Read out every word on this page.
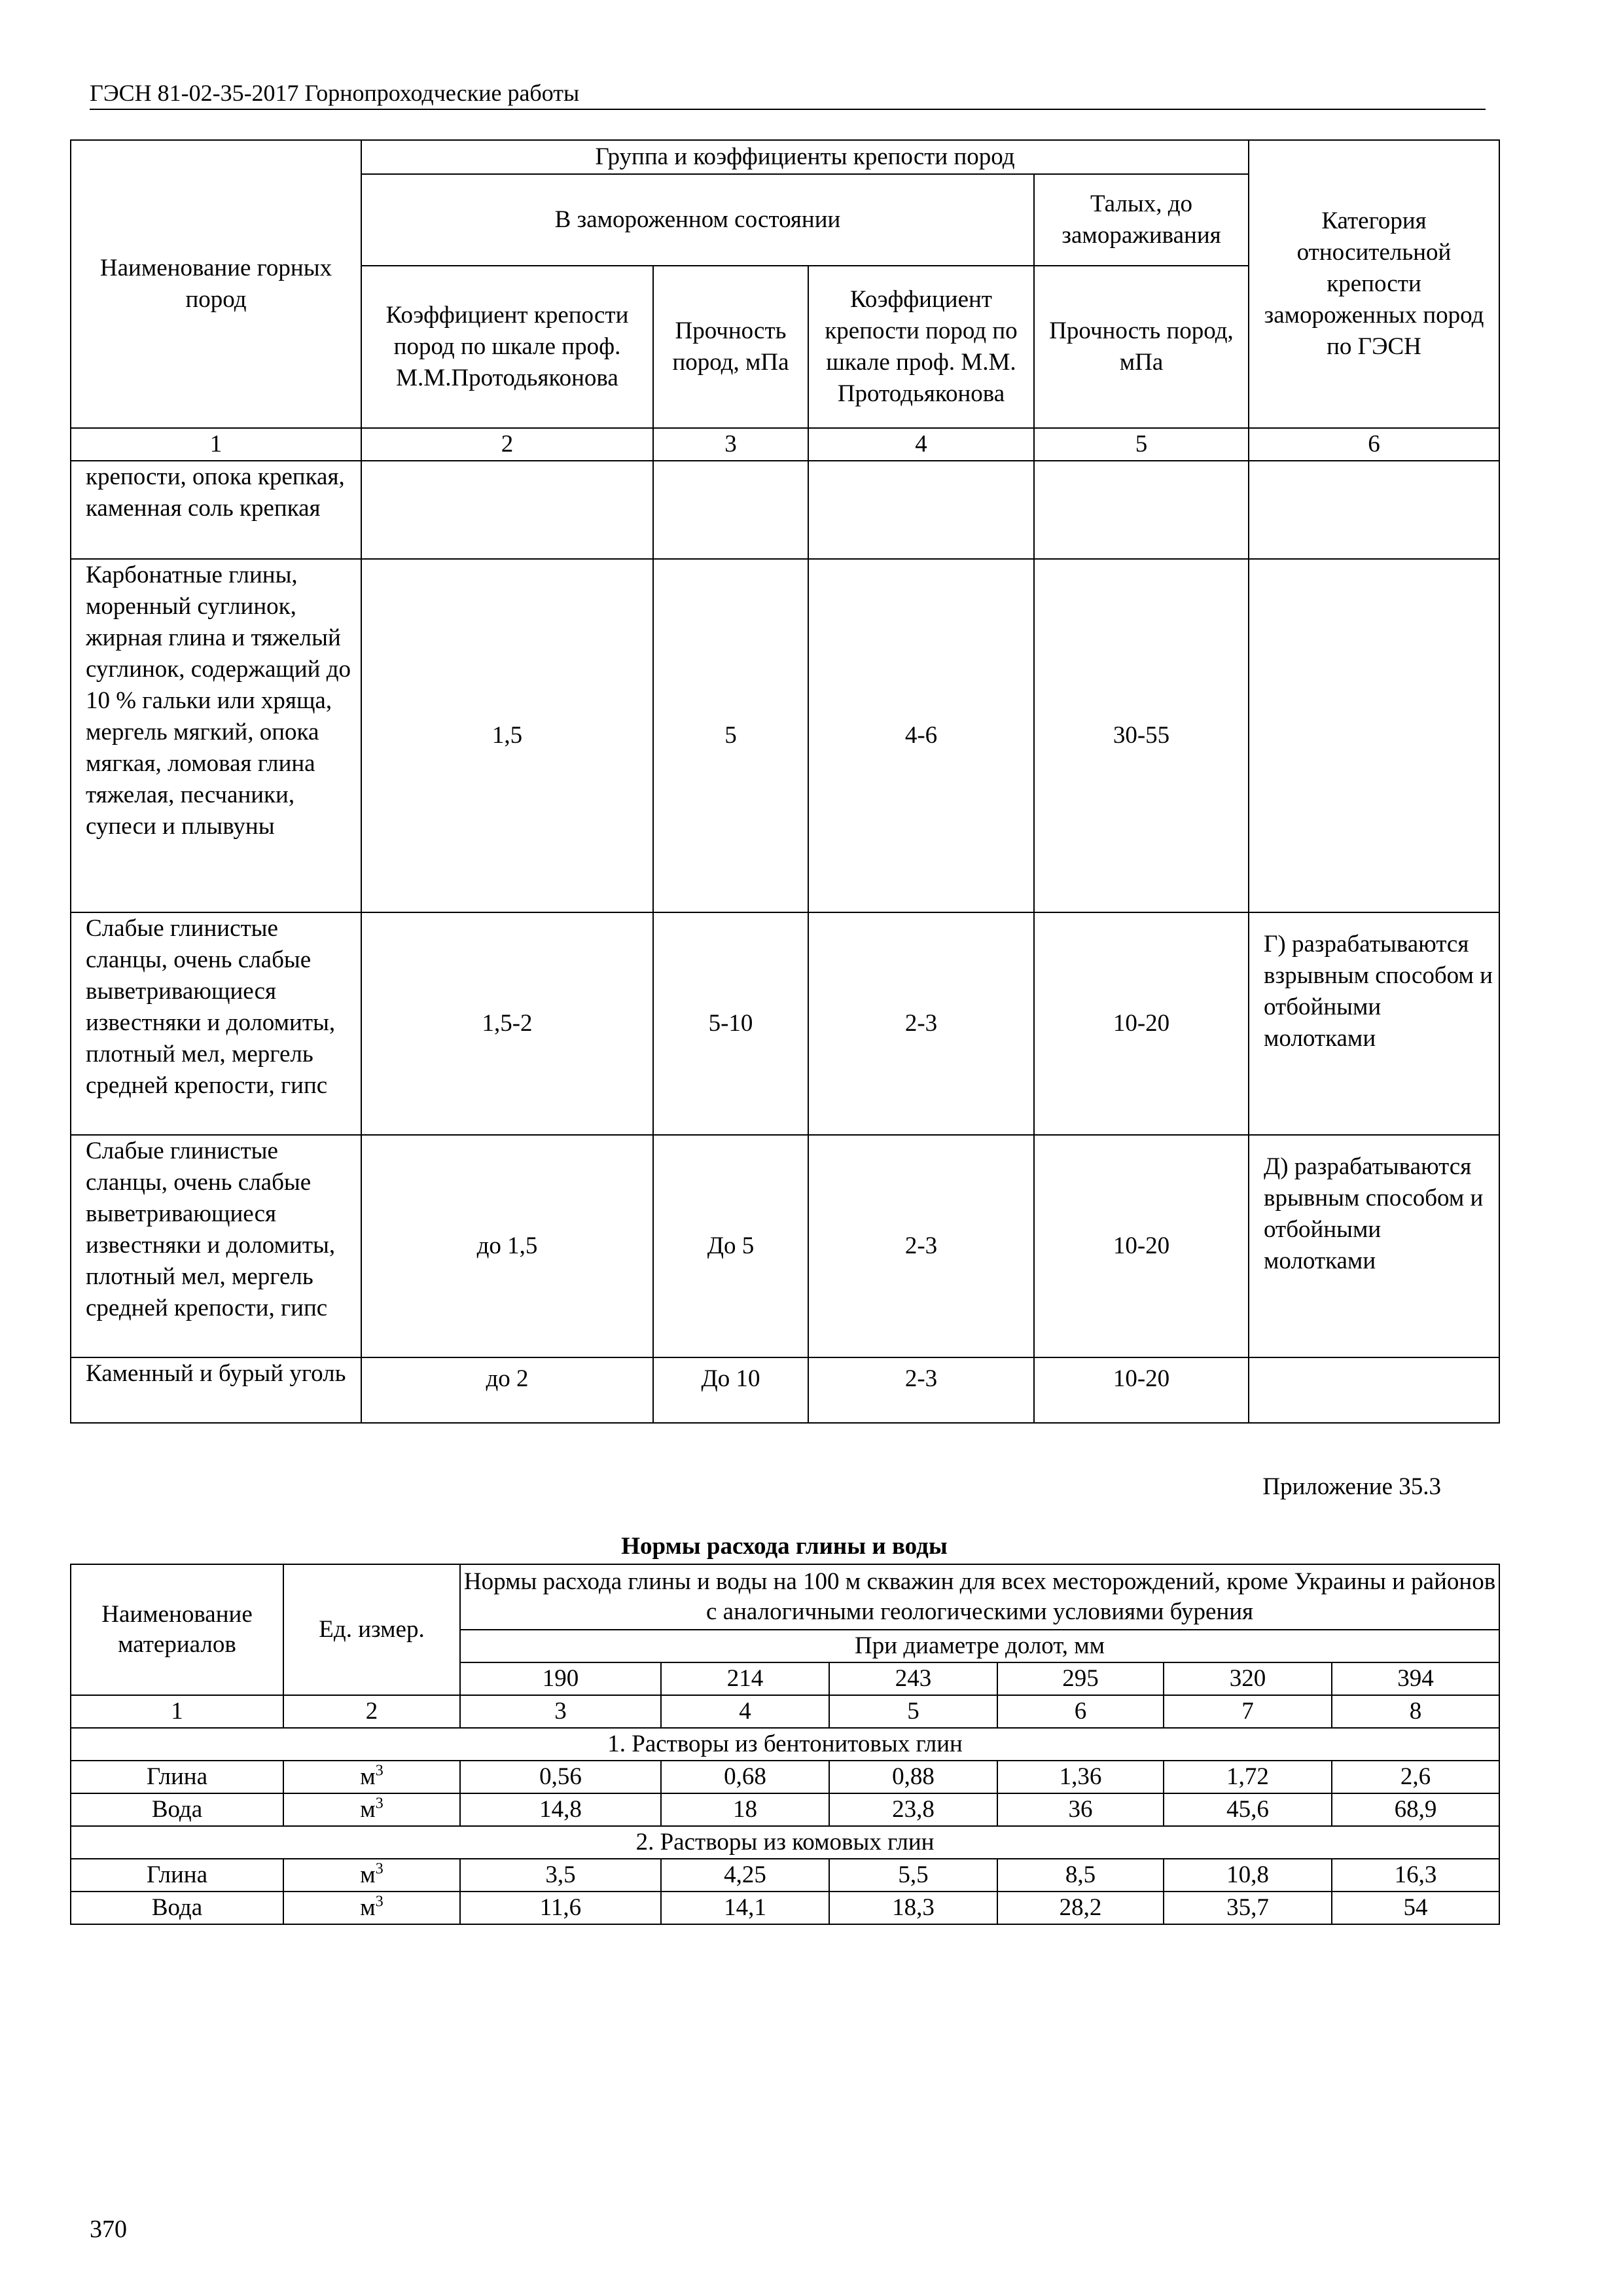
ГЭСН 81-02-35-2017 Горнопроходческие работы
Наименование горных пород	Группа и коэффициенты крепости пород				Категория относительной крепости замороженных пород по ГЭСН
	В замороженном состоянии			Талых, до замораживания	
	Коэффициент крепости пород по шкале проф. М.М.Протодьяконова	Прочность пород, мПа	Коэффициент крепости пород по шкале проф. М.М. Протодьяконова	Прочность пород, мПа	
1	2	3	4	5	6
крепости, опока крепкая, каменная соль крепкая					
Карбонатные глины, моренный суглинок, жирная глина и тяжелый суглинок, содержащий до 10 % гальки или хряща, мергель мягкий, опока мягкая, ломовая глина тяжелая, песчаники, супеси и плывуны	1,5	5	4-6	30-55	
Слабые глинистые сланцы, очень слабые выветривающиеся известняки и доломиты, плотный мел, мергель средней крепости, гипс	1,5-2	5-10	2-3	10-20	Г) разрабатываются взрывным способом и отбойными молотками
Слабые глинистые сланцы, очень слабые выветривающиеся известняки и доломиты, плотный мел, мергель средней крепости, гипс	до 1,5	До 5	2-3	10-20	Д) разрабатываются врывным способом и отбойными молотками
Каменный и бурый уголь	до 2	До 10	2-3	10-20	
Приложение 35.3
Нормы расхода глины и воды
Наименование материалов	Ед. измер.	Нормы расхода глины и воды на 100 м скважин для всех месторождений, кроме Украины и районов с аналогичными геологическими условиями бурения					
		При диаметре долот, мм					
		190	214	243	295	320	394
1	2	3	4	5	6	7	8
1. Растворы из бентонитовых глин							
Глина	$м^3$	0,56	0,68	0,88	1,36	1,72	2,6
Вода	$м^3$	14,8	18	23,8	36	45,6	68,9
2. Растворы из комовых глин							
Глина	$м^3$	3,5	4,25	5,5	8,5	10,8	16,3
Вода	$м^3$	11,6	14,1	18,3	28,2	35,7	54
370
